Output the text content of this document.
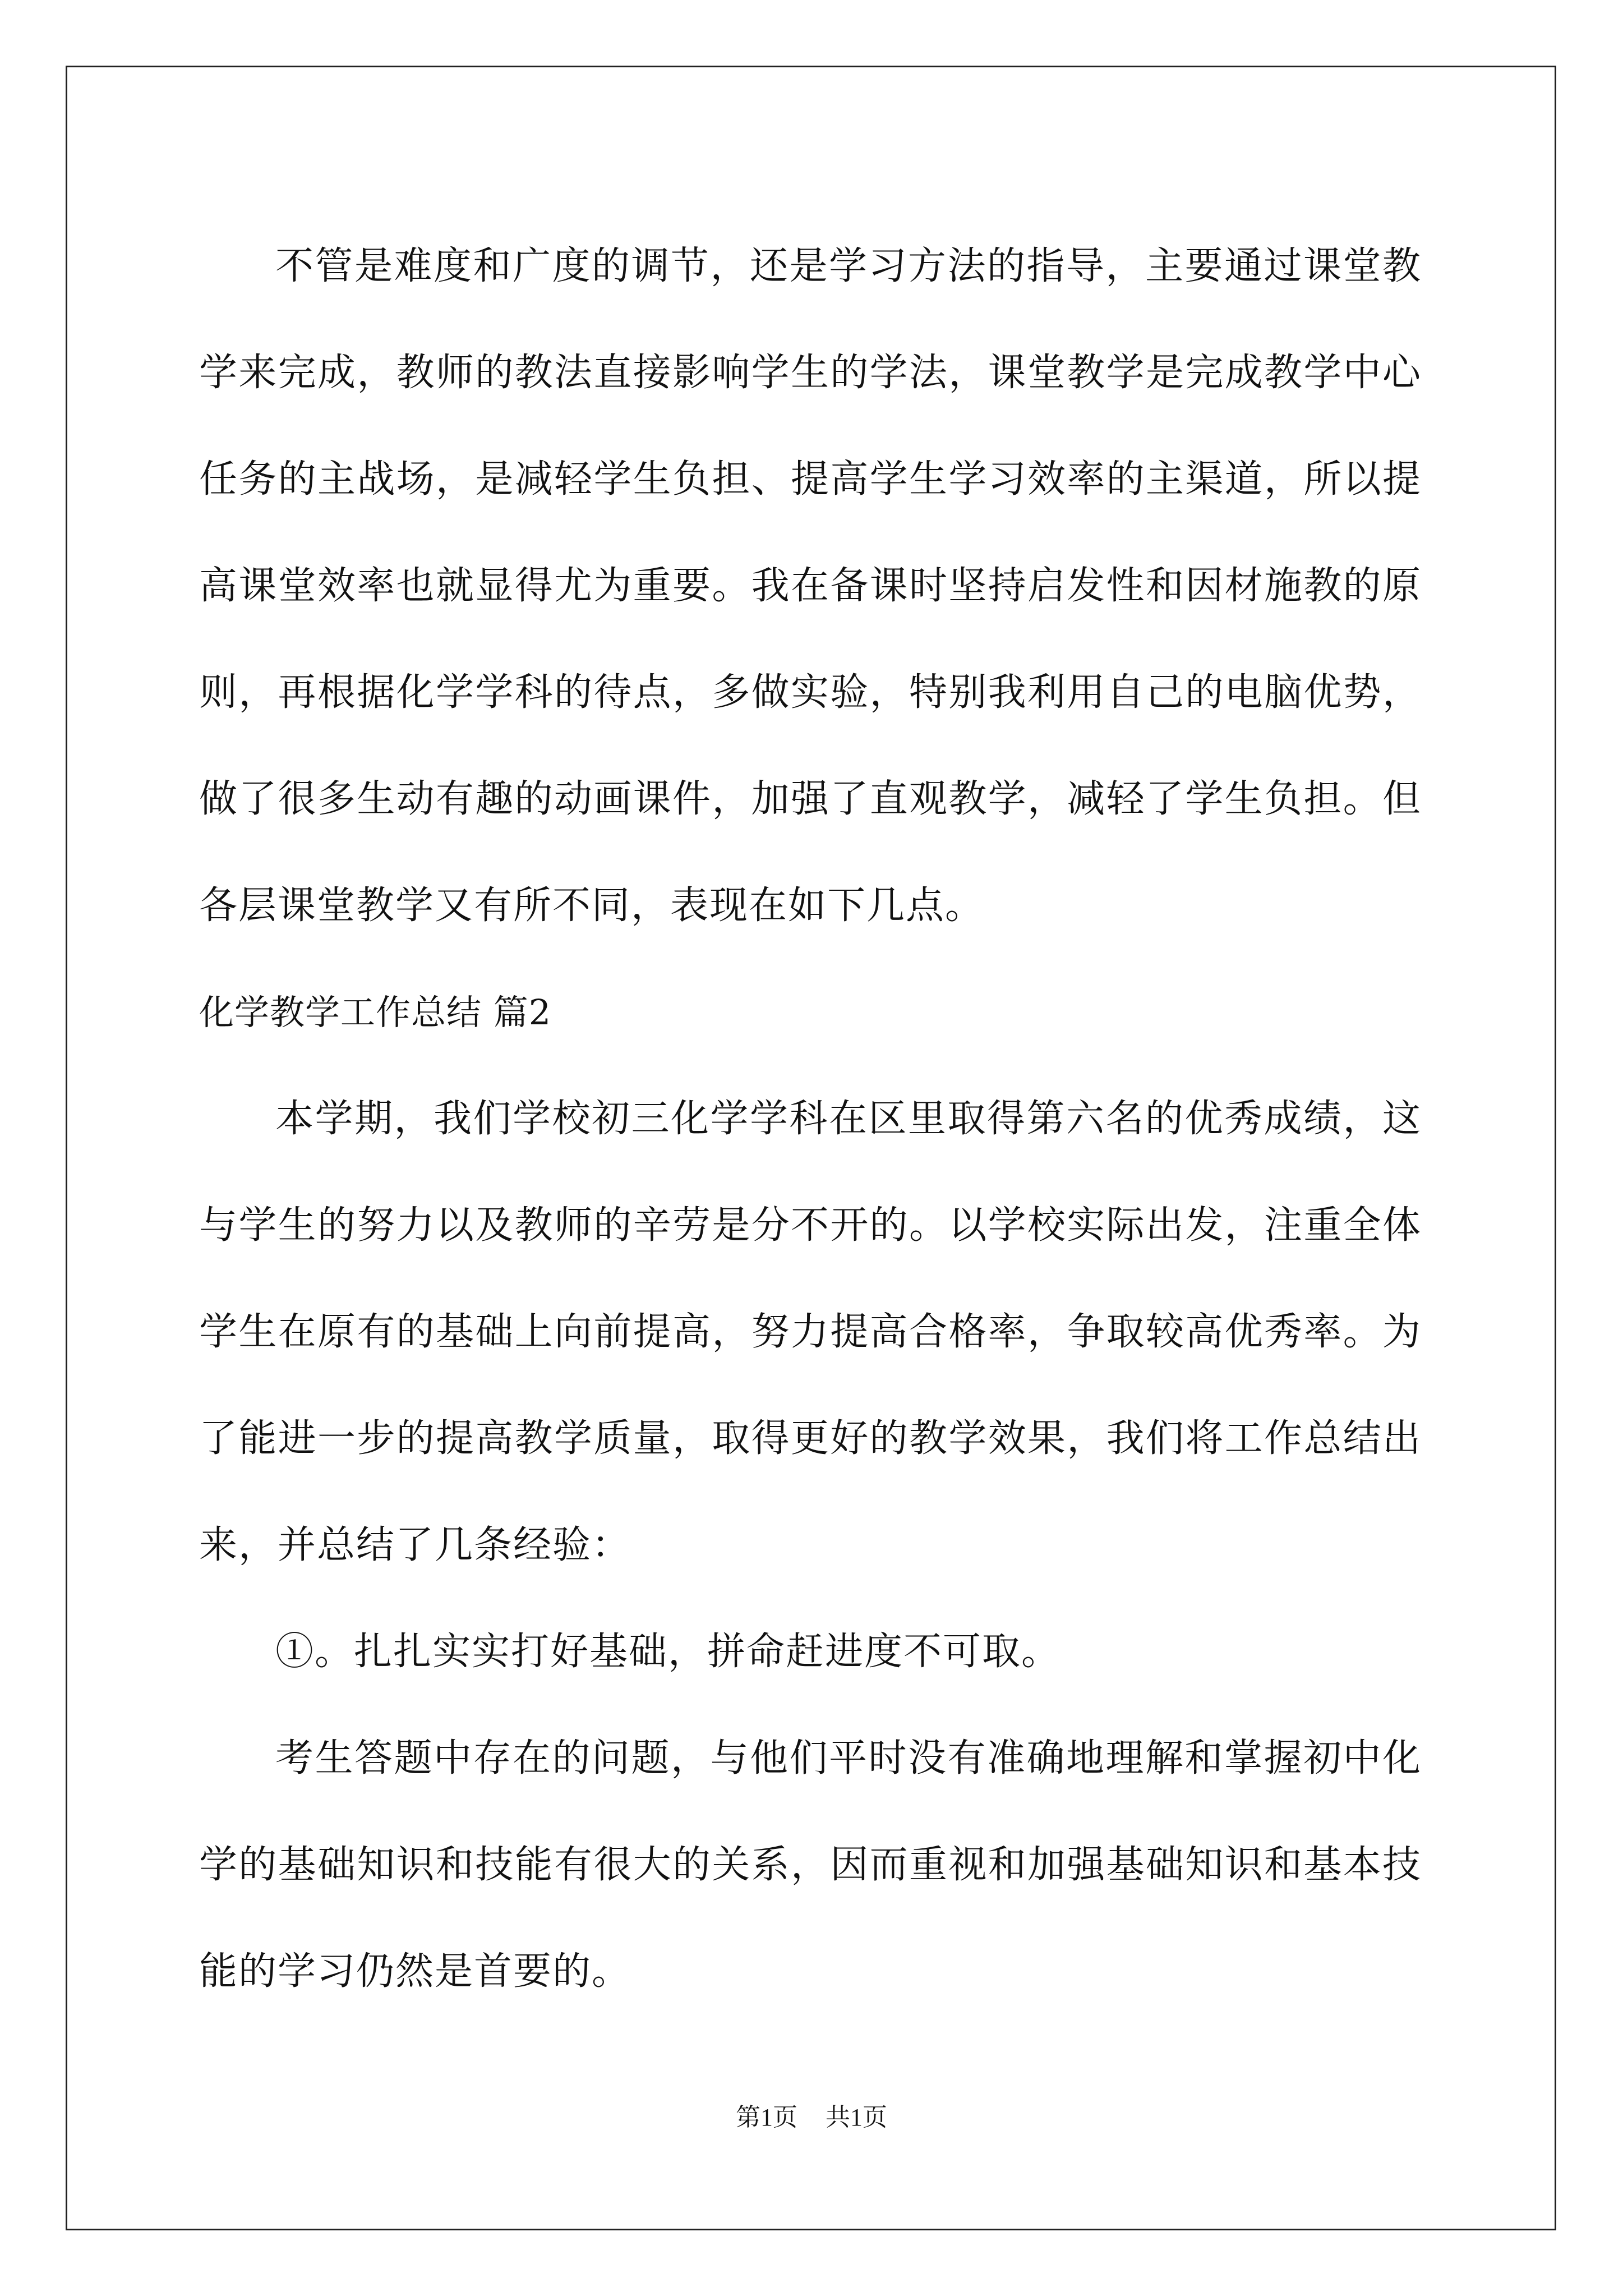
不管是难度和广度的调节，还是学习方法的指导，主要通过课堂教学来完成，教师的教法直接影响学生的学法，课堂教学是完成教学中心任务的主战场，是减轻学生负担、提高学生学习效率的主渠道，所以提高课堂效率也就显得尤为重要。我在备课时坚持启发性和因材施教的原则，再根据化学学科的待点，多做实验，特别我利用自己的电脑优势，做了很多生动有趣的动画课件，加强了直观教学，减轻了学生负担。但各层课堂教学又有所不同，表现在如下几点。

化学教学工作总结 篇2

本学期，我们学校初三化学学科在区里取得第六名的优秀成绩，这与学生的努力以及教师的辛劳是分不开的。以学校实际出发，注重全体学生在原有的基础上向前提高，努力提高合格率，争取较高优秀率。为了能进一步的提高教学质量，取得更好的教学效果，我们将工作总结出来，并总结了几条经验：

①。扎扎实实打好基础，拼命赶进度不可取。

考生答题中存在的问题，与他们平时没有准确地理解和掌握初中化学的基础知识和技能有很大的关系，因而重视和加强基础知识和基本技能的学习仍然是首要的。

第1页 共1页
